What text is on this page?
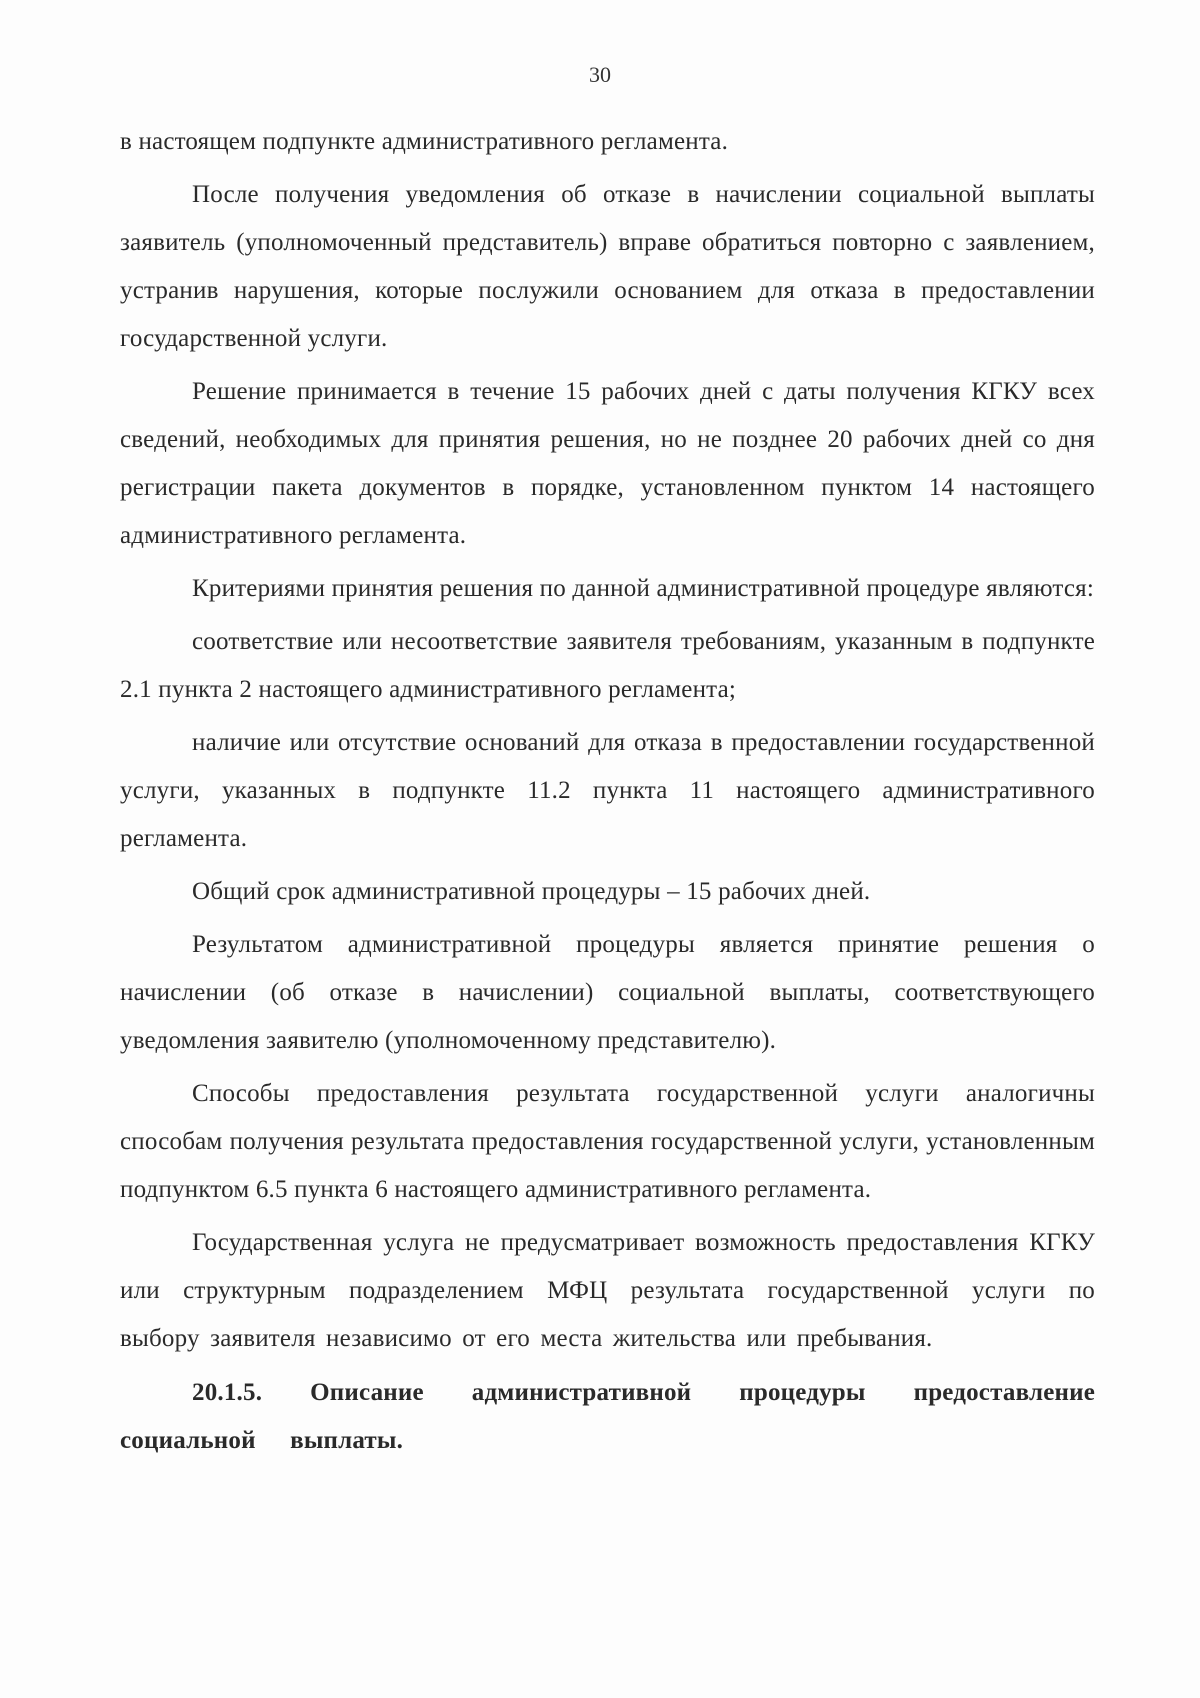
30

в настоящем подпункте административного регламента.

После получения уведомления об отказе в начислении социальной выплаты заявитель (уполномоченный представитель) вправе обратиться повторно с заявлением, устранив нарушения, которые послужили основанием для отказа в предоставлении государственной услуги.

Решение принимается в течение 15 рабочих дней с даты получения КГКУ всех сведений, необходимых для принятия решения, но не позднее 20 рабочих дней со дня регистрации пакета документов в порядке, установленном пунктом 14 настоящего административного регламента.

Критериями принятия решения по данной административной процедуре являются:

соответствие или несоответствие заявителя требованиям, указанным в подпункте 2.1 пункта 2 настоящего административного регламента;

наличие или отсутствие оснований для отказа в предоставлении государственной услуги, указанных в подпункте 11.2 пункта 11 настоящего административного регламента.

Общий срок административной процедуры – 15 рабочих дней.

Результатом административной процедуры является принятие решения о начислении (об отказе в начислении) социальной выплаты, соответствующего уведомления заявителю (уполномоченному представителю).

Способы предоставления результата государственной услуги аналогичны способам получения результата предоставления государственной услуги, установленным подпунктом 6.5 пункта 6 настоящего административного регламента.

Государственная услуга не предусматривает возможность предоставления КГКУ или структурным подразделением МФЦ результата государственной услуги по выбору заявителя независимо от его места жительства или пребывания.

20.1.5. Описание административной процедуры предоставление социальной выплаты.
